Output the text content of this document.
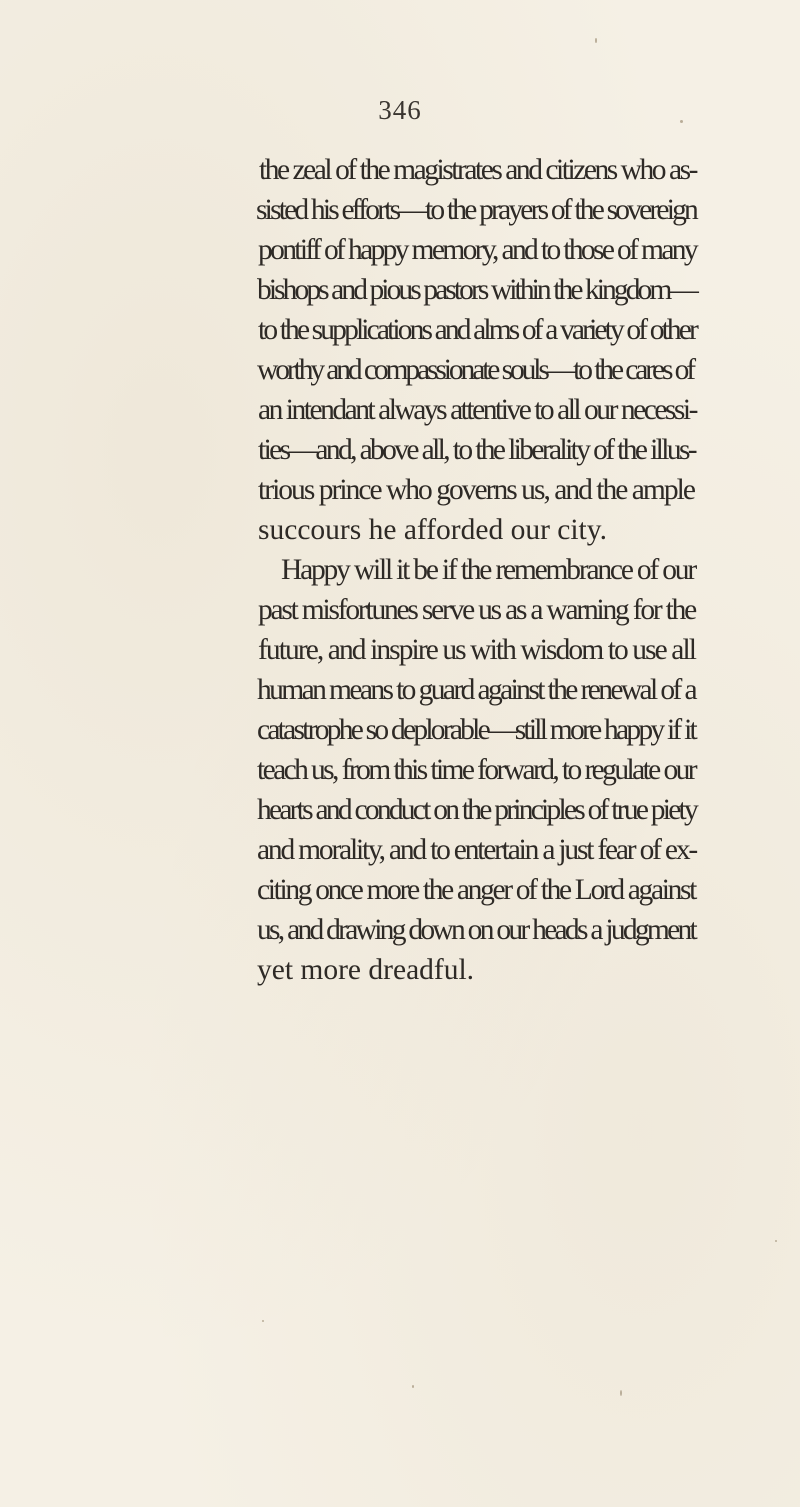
346
the zeal of the magistrates and citizens who as-
sisted his efforts—to the prayers of the sovereign
pontiff of happy memory, and to those of many
bishops and pious pastors within the kingdom—
to the supplications and alms of a variety of other
worthy and compassionate souls—to the cares of
an intendant always attentive to all our necessi-
ties—and, above all, to the liberality of the illus-
trious prince who governs us, and the ample
succours he afforded our city.
Happy will it be if the remembrance of our
past misfortunes serve us as a warning for the
future, and inspire us with wisdom to use all
human means to guard against the renewal of a
catastrophe so deplorable—still more happy if it
teach us, from this time forward, to regulate our
hearts and conduct on the principles of true piety
and morality, and to entertain a just fear of ex-
citing once more the anger of the Lord against
us, and drawing down on our heads a judgment
yet more dreadful.
